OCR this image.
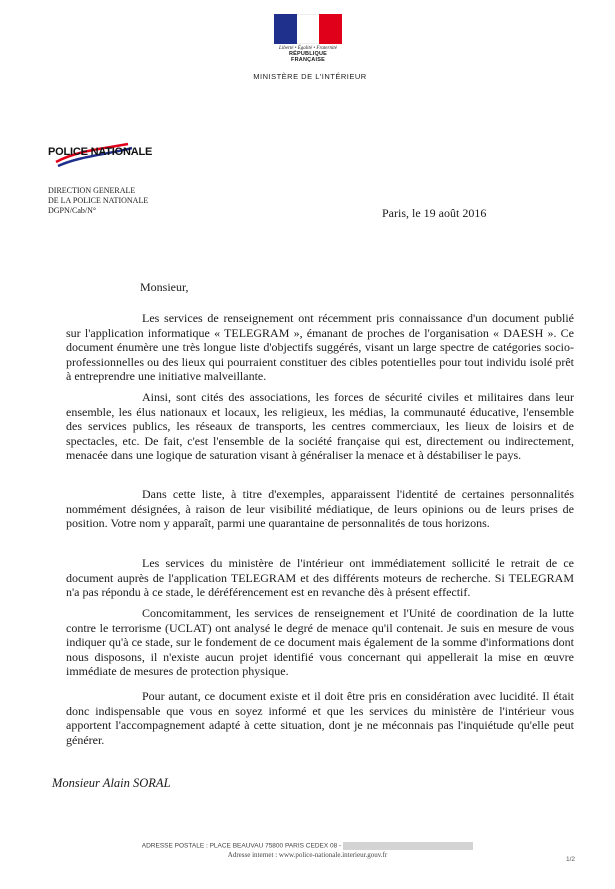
Liberté • Égalité • Fraternité
RÉPUBLIQUE FRANÇAISE
MINISTÈRE DE L'INTÉRIEUR
POLICE NATIONALE
DIRECTION GENERALE
DE LA POLICE NATIONALE
DGPN/Cab/N°	Paris, le 19 août 2016
Monsieur,
Les services de renseignement ont récemment pris connaissance d'un document publié sur l'application informatique « TELEGRAM », émanant de proches de l'organisation « DAESH ». Ce document énumère une très longue liste d'objectifs suggérés, visant un large spectre de catégories socio-professionnelles ou des lieux qui pourraient constituer des cibles potentielles pour tout individu isolé prêt à entreprendre une initiative malveillante.
Ainsi, sont cités des associations, les forces de sécurité civiles et militaires dans leur ensemble, les élus nationaux et locaux, les religieux, les médias, la communauté éducative, l'ensemble des services publics, les réseaux de transports, les centres commerciaux, les lieux de loisirs et de spectacles, etc. De fait, c'est l'ensemble de la société française qui est, directement ou indirectement, menacée dans une logique de saturation visant à généraliser la menace et à déstabiliser le pays.
Dans cette liste, à titre d'exemples, apparaissent l'identité de certaines personnalités nommément désignées, à raison de leur visibilité médiatique, de leurs opinions ou de leurs prises de position. Votre nom y apparaît, parmi une quarantaine de personnalités de tous horizons.
Les services du ministère de l'intérieur ont immédiatement sollicité le retrait de ce document auprès de l'application TELEGRAM et des différents moteurs de recherche. Si TELEGRAM n'a pas répondu à ce stade, le déréférencement est en revanche dès à présent effectif.
Concomitamment, les services de renseignement et l'Unité de coordination de la lutte contre le terrorisme (UCLAT) ont analysé le degré de menace qu'il contenait. Je suis en mesure de vous indiquer qu'à ce stade, sur le fondement de ce document mais également de la somme d'informations dont nous disposons, il n'existe aucun projet identifié vous concernant qui appellerait la mise en œuvre immédiate de mesures de protection physique.
Pour autant, ce document existe et il doit être pris en considération avec lucidité. Il était donc indispensable que vous en soyez informé et que les services du ministère de l'intérieur vous apportent l'accompagnement adapté à cette situation, dont je ne méconnais pas l'inquiétude qu'elle peut générer.
Monsieur Alain SORAL
ADRESSE POSTALE : PLACE BEAUVAU 75800 PARIS CEDEX 08 -
Adresse internet : www.police-nationale.interieur.gouv.fr
1/2
